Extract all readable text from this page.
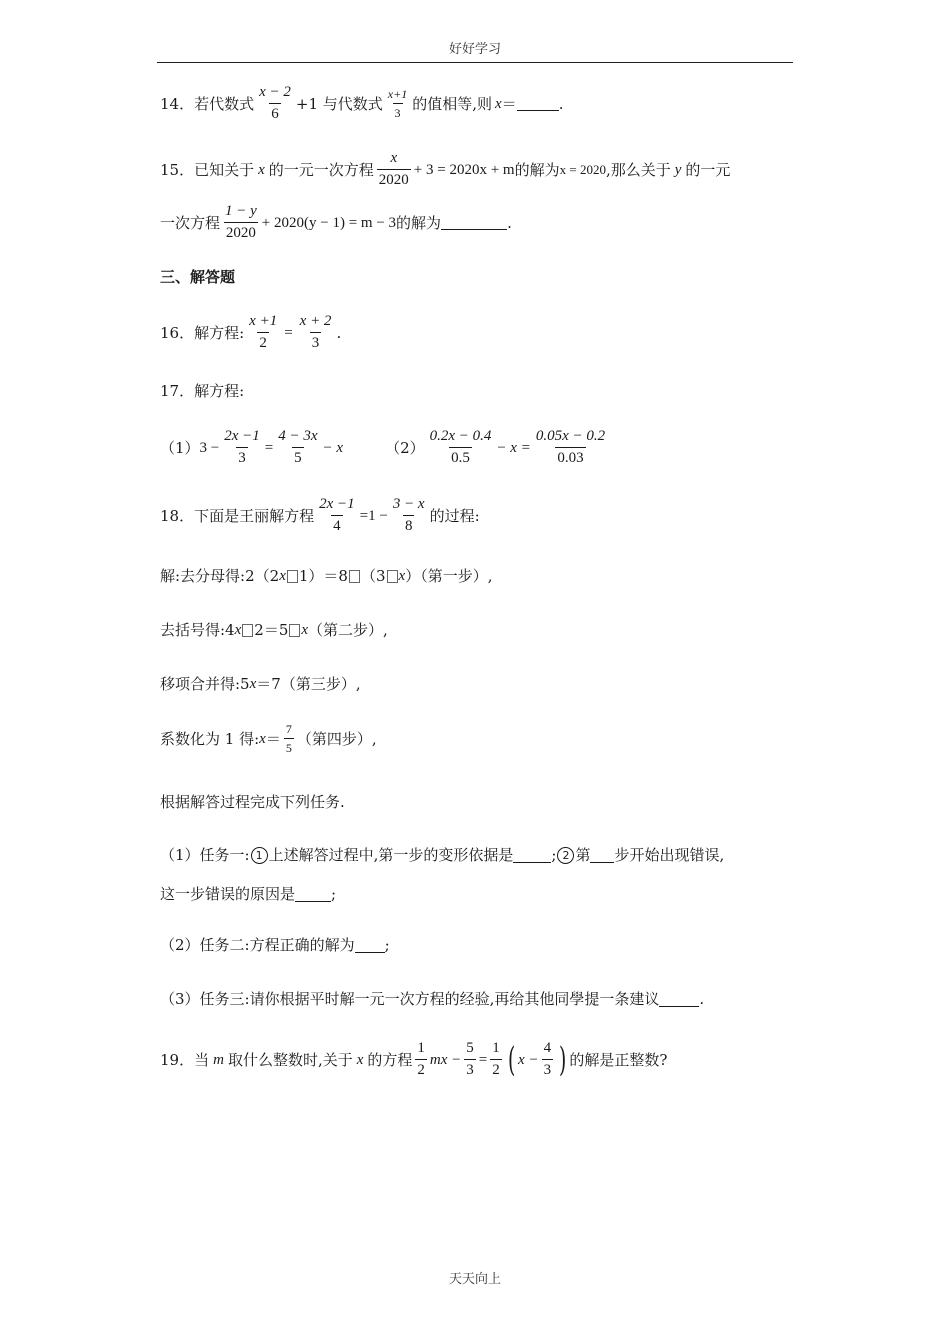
好好学习
14． 若代数式 $\frac{x - 2}{6} +1$ 与代数式 $\frac{x+1}{3}$ 的值相等,则 x ＝	.
15． 已知关于 x 的一元一次方程 $\frac{x}{2020} + 3 = 2020x + m$ 的解为 x = 2020 ,那么关于 y 的一元
一次方程 $\frac{1 - y}{2020} + 2020(y - 1) = m - 3$ 的解为	.
三、解答题
16． 解方程: $\frac{x +1}{2} = \frac{x + 2}{3}$ .
17． 解方程:
（1） $3 - \frac{2x -1}{3} = \frac{4 - 3x}{5} - x$	$(2) \frac{0.2x - 0.4}{0.5} - x = \frac{0.05x - 0.2}{0.03}$
18． 下面是王丽解方程 $\frac{2x -1}{4} =1 - \frac{3 - x}{8}$ 的过程:
解:去分母得:2（2 x 1）＝8 （3 x ）（第一步）,
去括号得:4 x 2＝5 x （第二步）,
移项合并得:5 x ＝7（第三步）,
系数化为 1 得: $x = \frac{7}{5}$ （第四步）,
根据解答过程完成下列任务.
（1）任务一: 1 上述解答过程中,第一步的变形依据是	; 2 第 步开始出现错误,
这一步错误的原因是 ;
（2）任务二:方程正确的解为 ;
（3）任务三:请你根据平时解一元一次方程的经验,再给其他同學提一条建议	.
19． 当 m 取什么整数时,关于 x 的方程 $\frac{1}{2}$ mx − $\frac{5}{3} = \frac{1}{2}$ ( $x - \frac{4}{3}$ ) 的解是正整数?
天天向上
